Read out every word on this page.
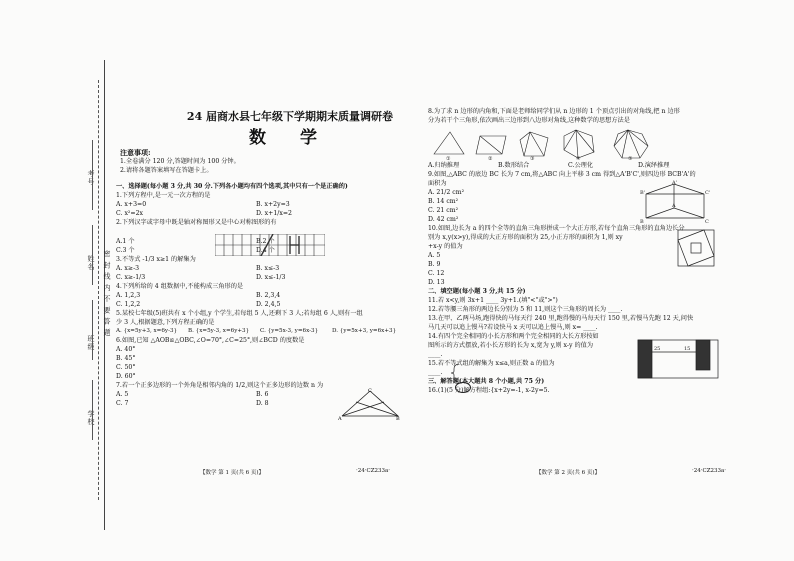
密 封 线 内 不 要 答 题
考号
姓名
班级
学校
24 届商水县七年级下学期期末质量调研卷
数 学

注意事项:

1.全卷满分 120 分,答题时间为 100 分钟。

2.请将各题答案填写在答题卡上。

一、选择题(每小题 3 分,共 30 分.下列各小题均有四个选项,其中只有一个是正确的)

1.下列方程中,是一元一次方程的是

A. x+3=0	B. x+2y=3

C. x²=2x	D. x+1/x=2

2.下列汉字或字母中既是轴对称图形又是中心对称图形的有

A.1 个	B.2 个

C.3 个	D.4 个

3.不等式 -1/3 x≥1 的解集为

A. x≥-3	B. x≤-3

C. x≥-1/3	D. x≤-1/3

4.下列所给的 4 组数据中,不能构成三角形的是

A. 1,2,3	B. 2,3,4

C. 1,2,2	D. 2,4,5

5.某校七年级(5)班共有 x 个小组,y 个学生,若每组 5 人,还剩下 3 人;若每组 6 人,则有一组

少 3 人,根据题意,下列方程正确的是

A. {x=5y+3, x=6y-3} B. {x=5y-3, x=6y+3} C. {y=5x-3, y=6x-3} D. {y=5x+3, y=6x+3}

6.如图,已知 △AOB≌△OBC,∠O=70°,∠C=25°,则∠BCD 的度数是

A. 40°

B. 45°

C. 50°

D. 60°

7.若一个正多边形的一个外角是相邻内角的 1/2,则这个正多边形的边数 n 为

A. 5	B. 6

C. 7	D. 8

A
C
B

8.为了求 n 边形的内角和,下面是老师给同学们从 n 边形的 1 个顶点引出的对角线,把 n 边形

分为若干个三角形,依次画出三边形到八边形对角线,这种数学的思想方法是

A.归纳推理	B.数形结合	C.公理化	D.演绎推理

9.如图,△ABC 的底边 BC 长为 7 cm,将△ABC 向上平移 3 cm 得到△A'B'C',则四边形 BCB'A'的

面积为

A. 21/2 cm²

B. 14 cm²

C. 21 cm²

D. 42 cm²

10.如图,边长为 a 的四个全等的直角三角形拼成一个大正方形,若每个直角三角形的直角边长分

别为 x,y(x>y),得成的大正方形的面积为 25,小正方形的面积为 1,则 xy

+x-y 的值为

A. 5

B. 9

C. 12

D. 13

二、填空题(每小题 3 分,共 15 分)

11.若 x<y,则 3x+1 ____ 3y+1.(填"<"或">")

12.若等腰三角形的两边长分别为 5 和 11,则这个三角形的周长为 ____.

13.在甲、乙两马场,跑得快的马每天行 240 里,跑得慢的马每天行 150 里,若慢马先跑 12 天,问快

马几天可以追上慢马?若设快马 x 天可以追上慢马,则 x= ____.

14.有四个完全相同的小长方形和两个完全相同的大长方形按如

图所示的方式摆放,若小长方形的长为 x,宽为 y,则 x-y 的值为

____.

15.若不等式组的解集为 x≤a,则正数 a 的值为

____.

三、解答题(本大题共 8 个小题,共 75 分)

16.(1)(5 分)解方程组:{x+2y=-1, x-2y=5.

①	②	③	④	⑤
B'
A'
C'
B
A
C
25	15
【数学 第 1 页(共 6 页)】	·24·CZ233a·	【数学 第 2 页(共 6 页)】	·24·CZ233a·
